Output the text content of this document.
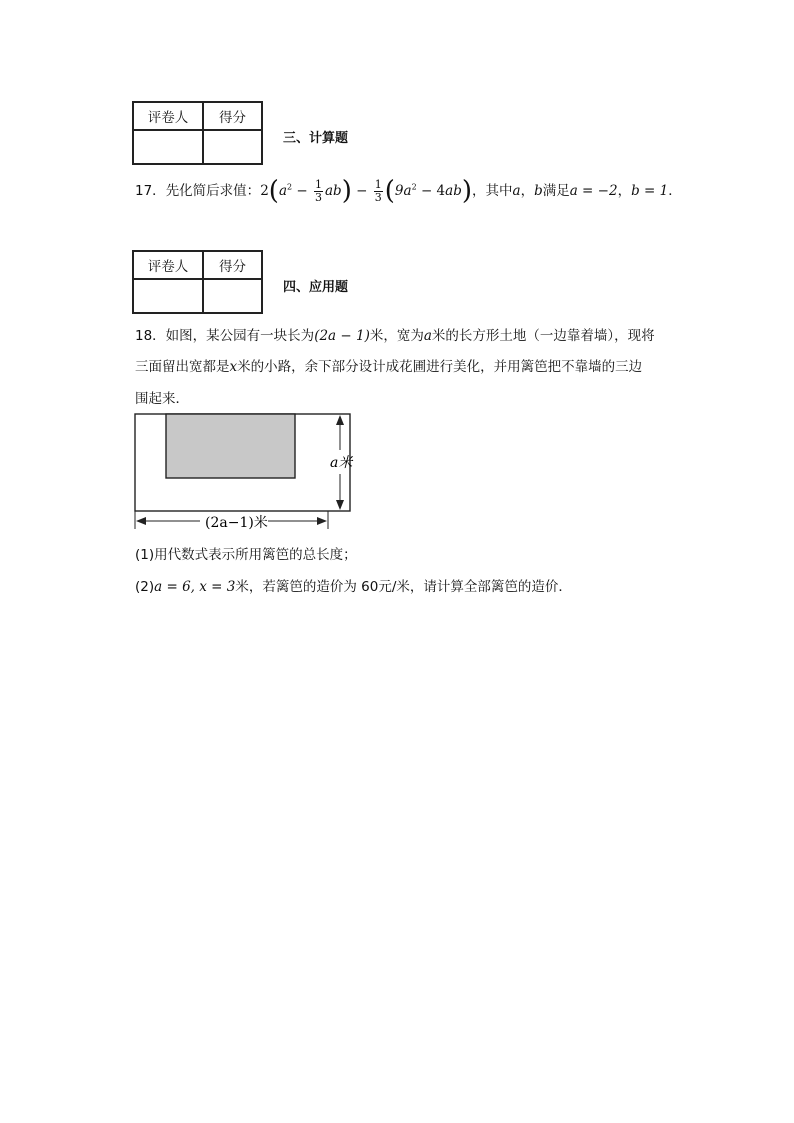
评卷人	得分

三、计算题
17．先化简后求值：$2(a^2 - \frac{1}{3} ab) - \frac{1}{3} (9a^2 - 4ab)$，其中a，b满足a = −2，b = 1．
评卷人	得分

四、应用题
18．如图，某公园有一块长为(2a − 1)米，宽为a米的长方形土地（一边靠着墙），现将
三面留出宽都是x米的小路，余下部分设计成花圃进行美化，并用篱笆把不靠墙的三边
围起来．
a米
(2a−1)米
(1)用代数式表示所用篱笆的总长度；
(2)a = 6, x = 3米，若篱笆的造价为 60元/米，请计算全部篱笆的造价．
